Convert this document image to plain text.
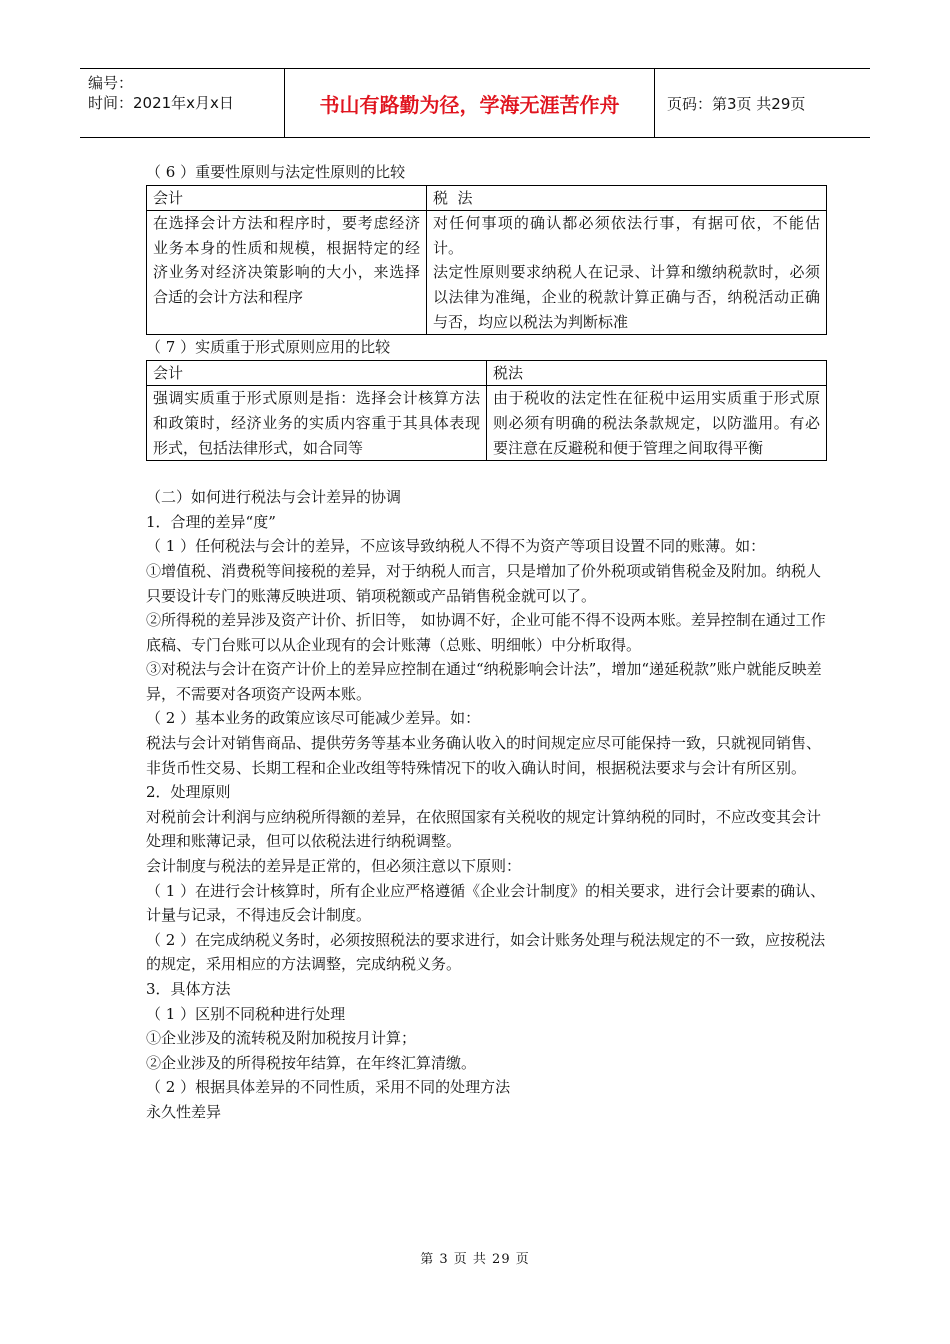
编号：
时间：2021年x月x日	书山有路勤为径，学海无涯苦作舟	页码：第3页 共29页

（ 6 ）重要性原则与法定性原则的比较

会计	税  法
在选择会计方法和程序时，要考虑经济业务本身的性质和规模，根据特定的经济业务对经济决策影响的大小，来选择合适的会计方法和程序	对任何事项的确认都必须依法行事，有据可依，不能估计。
法定性原则要求纳税人在记录、计算和缴纳税款时，必须以法律为准绳，企业的税款计算正确与否，纳税活动正确与否，均应以税法为判断标准

（ 7 ）实质重于形式原则应用的比较

会计	税法
强调实质重于形式原则是指：选择会计核算方法和政策时，经济业务的实质内容重于其具体表现形式，包括法律形式，如合同等	由于税收的法定性在征税中运用实质重于形式原则必须有明确的税法条款规定，以防滥用。有必要注意在反避税和便于管理之间取得平衡

（二）如何进行税法与会计差异的协调

1．合理的差异“度”

（ 1 ）任何税法与会计的差异，不应该导致纳税人不得不为资产等项目设置不同的账薄。如：

①增值税、消费税等间接税的差异，对于纳税人而言，只是增加了价外税项或销售税金及附加。纳税人只要设计专门的账薄反映进项、销项税额或产品销售税金就可以了。

②所得税的差异涉及资产计价、折旧等， 如协调不好，企业可能不得不设两本账。差异控制在通过工作底稿、专门台账可以从企业现有的会计账薄（总账、明细帐）中分析取得。

③对税法与会计在资产计价上的差异应控制在通过“纳税影响会计法”，增加“递延税款”账户就能反映差异，不需要对各项资产设两本账。

（ 2 ）基本业务的政策应该尽可能减少差异。如：

税法与会计对销售商品、提供劳务等基本业务确认收入的时间规定应尽可能保持一致，只就视同销售、非货币性交易、长期工程和企业改组等特殊情况下的收入确认时间，根据税法要求与会计有所区别。

2．处理原则

对税前会计利润与应纳税所得额的差异，在依照国家有关税收的规定计算纳税的同时，不应改变其会计处理和账薄记录，但可以依税法进行纳税调整。

会计制度与税法的差异是正常的，但必须注意以下原则：

（ 1 ）在进行会计核算时，所有企业应严格遵循《企业会计制度》的相关要求，进行会计要素的确认、计量与记录，不得违反会计制度。

（ 2 ）在完成纳税义务时，必须按照税法的要求进行，如会计账务处理与税法规定的不一致，应按税法的规定，采用相应的方法调整，完成纳税义务。

3．具体方法

（ 1 ）区别不同税种进行处理

①企业涉及的流转税及附加税按月计算；

②企业涉及的所得税按年结算，在年终汇算清缴。

（ 2 ）根据具体差异的不同性质，采用不同的处理方法

永久性差异

第 3 页 共 29 页
